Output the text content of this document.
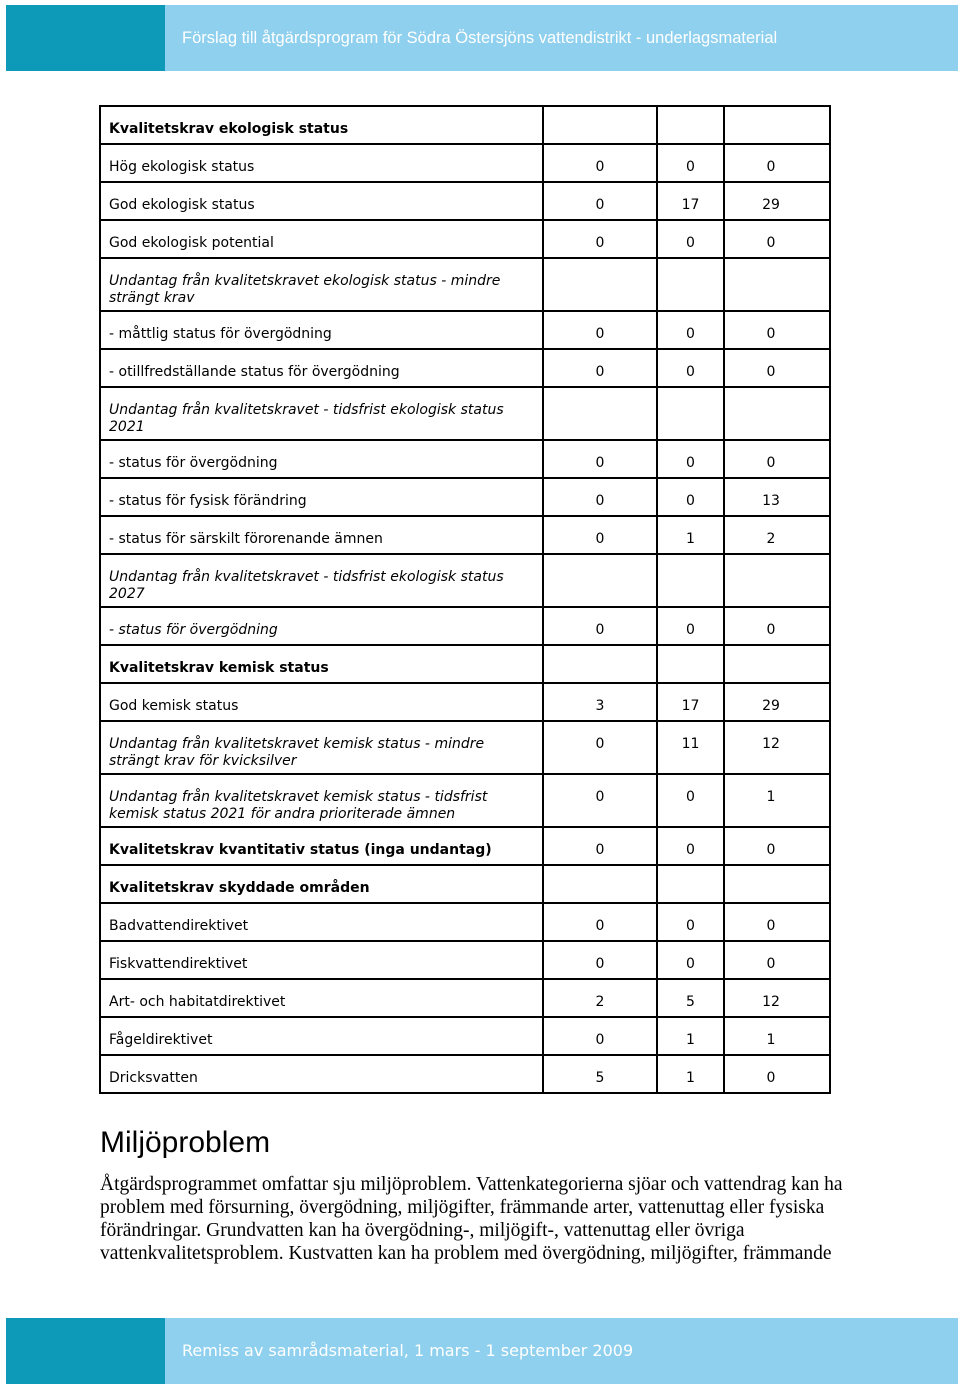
Förslag till åtgärdsprogram för Södra Östersjöns vattendistrikt - underlagsmaterial
Kvalitetskrav ekologisk status			
Hög ekologisk status	0	0	0
God ekologisk status	0	17	29
God ekologisk potential	0	0	0
Undantag från kvalitetskravet ekologisk status - mindre strängt krav			
- måttlig status för övergödning	0	0	0
- otillfredställande status för övergödning	0	0	0
Undantag från kvalitetskravet - tidsfrist ekologisk status 2021			
- status för övergödning	0	0	0
- status för fysisk förändring	0	0	13
- status för särskilt förorenande ämnen	0	1	2
Undantag från kvalitetskravet - tidsfrist ekologisk status 2027			
- status för övergödning	0	0	0
Kvalitetskrav kemisk status			
God kemisk status	3	17	29
Undantag från kvalitetskravet kemisk status - mindre strängt krav för kvicksilver	0	11	12
Undantag från kvalitetskravet kemisk status - tidsfrist kemisk status 2021 för andra prioriterade ämnen	0	0	1
Kvalitetskrav kvantitativ status (inga undantag)	0	0	0
Kvalitetskrav skyddade områden			
Badvattendirektivet	0	0	0
Fiskvattendirektivet	0	0	0
Art- och habitatdirektivet	2	5	12
Fågeldirektivet	0	1	1
Dricksvatten	5	1	0
Miljöproblem

Åtgärdsprogrammet omfattar sju miljöproblem. Vattenkategorierna sjöar och vattendrag kan ha problem med försurning, övergödning, miljögifter, främmande arter, vattenuttag eller fysiska förändringar. Grundvatten kan ha övergödning-, miljögift-, vattenuttag eller övriga vattenkvalitetsproblem. Kustvatten kan ha problem med övergödning, miljögifter, främmande

Remiss av samrådsmaterial, 1 mars - 1 september 2009
